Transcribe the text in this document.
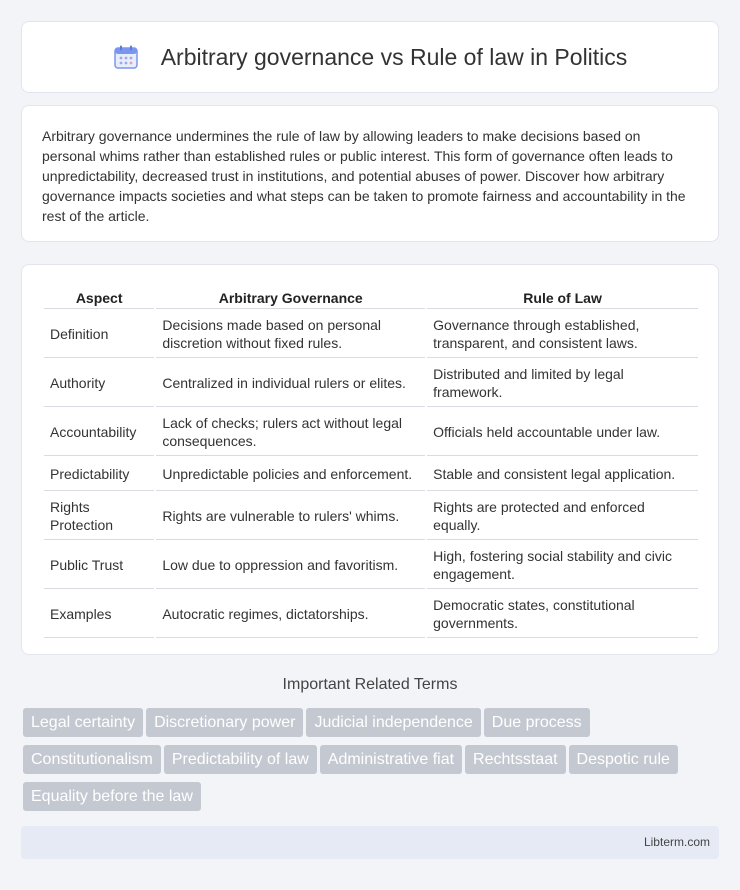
Arbitrary governance vs Rule of law in Politics

Arbitrary governance undermines the rule of law by allowing leaders to make decisions based on personal whims rather than established rules or public interest. This form of governance often leads to unpredictability, decreased trust in institutions, and potential abuses of power. Discover how arbitrary governance impacts societies and what steps can be taken to promote fairness and accountability in the rest of the article.

Aspect	Arbitrary Governance	Rule of Law
Definition	Decisions made based on personal discretion without fixed rules.	Governance through established, transparent, and consistent laws.
Authority	Centralized in individual rulers or elites.	Distributed and limited by legal framework.
Accountability	Lack of checks; rulers act without legal consequences.	Officials held accountable under law.
Predictability	Unpredictable policies and enforcement.	Stable and consistent legal application.
Rights Protection	Rights are vulnerable to rulers' whims.	Rights are protected and enforced equally.
Public Trust	Low due to oppression and favoritism.	High, fostering social stability and civic engagement.
Examples	Autocratic regimes, dictatorships.	Democratic states, constitutional governments.
Important Related Terms
Legal certainty Discretionary power Judicial independence Due process
Constitutionalism Predictability of law Administrative fiat Rechtsstaat Despotic rule
Equality before the law
Libterm.com
